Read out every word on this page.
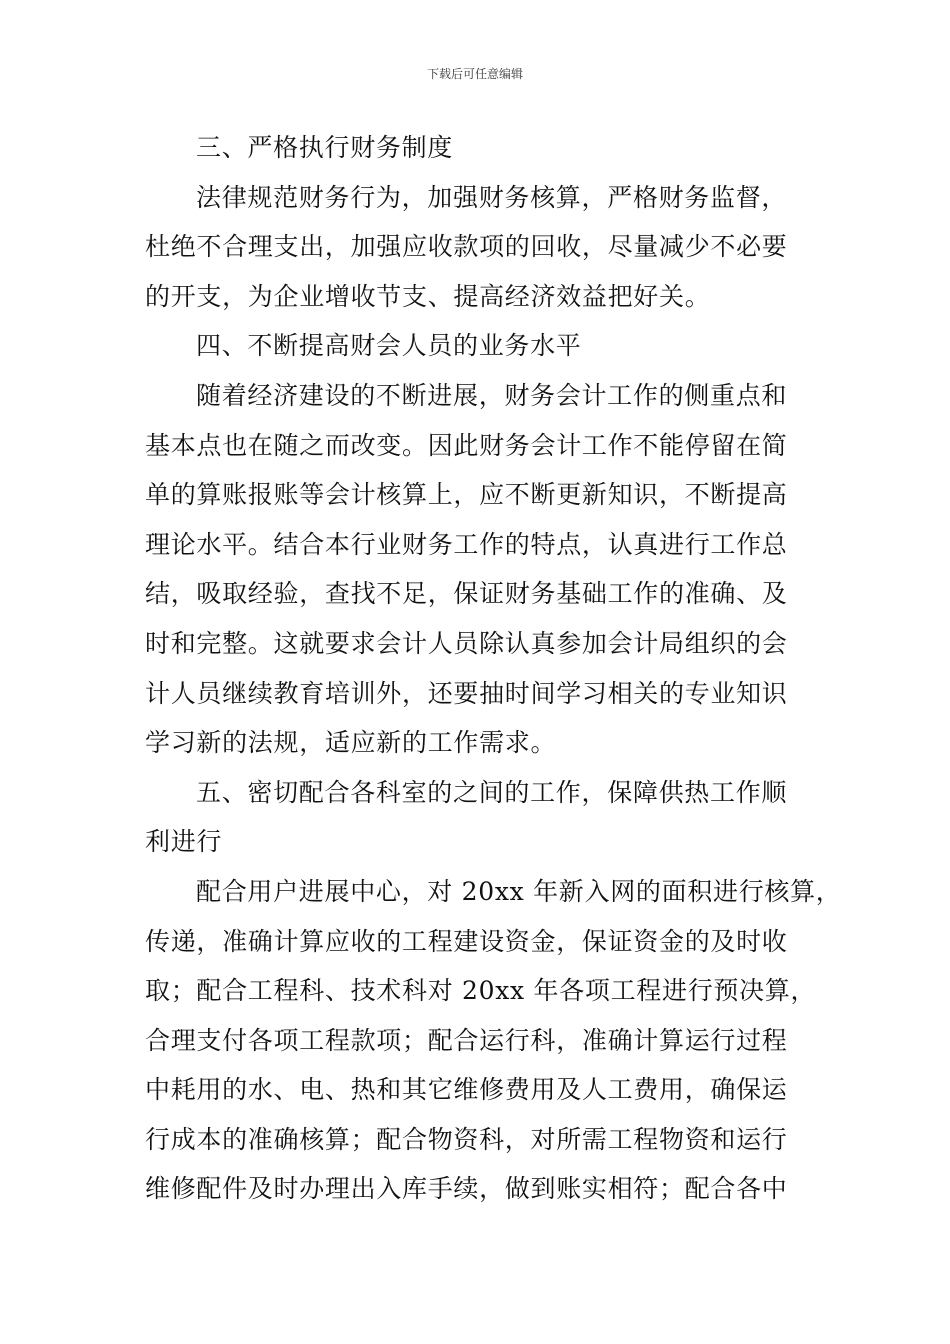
下载后可任意编辑
三、严格执行财务制度
法律规范财务行为，加强财务核算，严格财务监督，
杜绝不合理支出，加强应收款项的回收，尽量减少不必要
的开支，为企业增收节支、提高经济效益把好关。
四、不断提高财会人员的业务水平
随着经济建设的不断进展，财务会计工作的侧重点和
基本点也在随之而改变。因此财务会计工作不能停留在简
单的算账报账等会计核算上，应不断更新知识，不断提高
理论水平。结合本行业财务工作的特点，认真进行工作总
结，吸取经验，查找不足，保证财务基础工作的准确、及
时和完整。这就要求会计人员除认真参加会计局组织的会
计人员继续教育培训外，还要抽时间学习相关的专业知识
学习新的法规，适应新的工作需求。
五、密切配合各科室的之间的工作，保障供热工作顺
利进行
配合用户进展中心，对 20xx 年新入网的面积进行核算，
传递，准确计算应收的工程建设资金，保证资金的及时收
取；配合工程科、技术科对 20xx 年各项工程进行预决算，
合理支付各项工程款项；配合运行科，准确计算运行过程
中耗用的水、电、热和其它维修费用及人工费用，确保运
行成本的准确核算；配合物资科，对所需工程物资和运行
维修配件及时办理出入库手续，做到账实相符；配合各中
